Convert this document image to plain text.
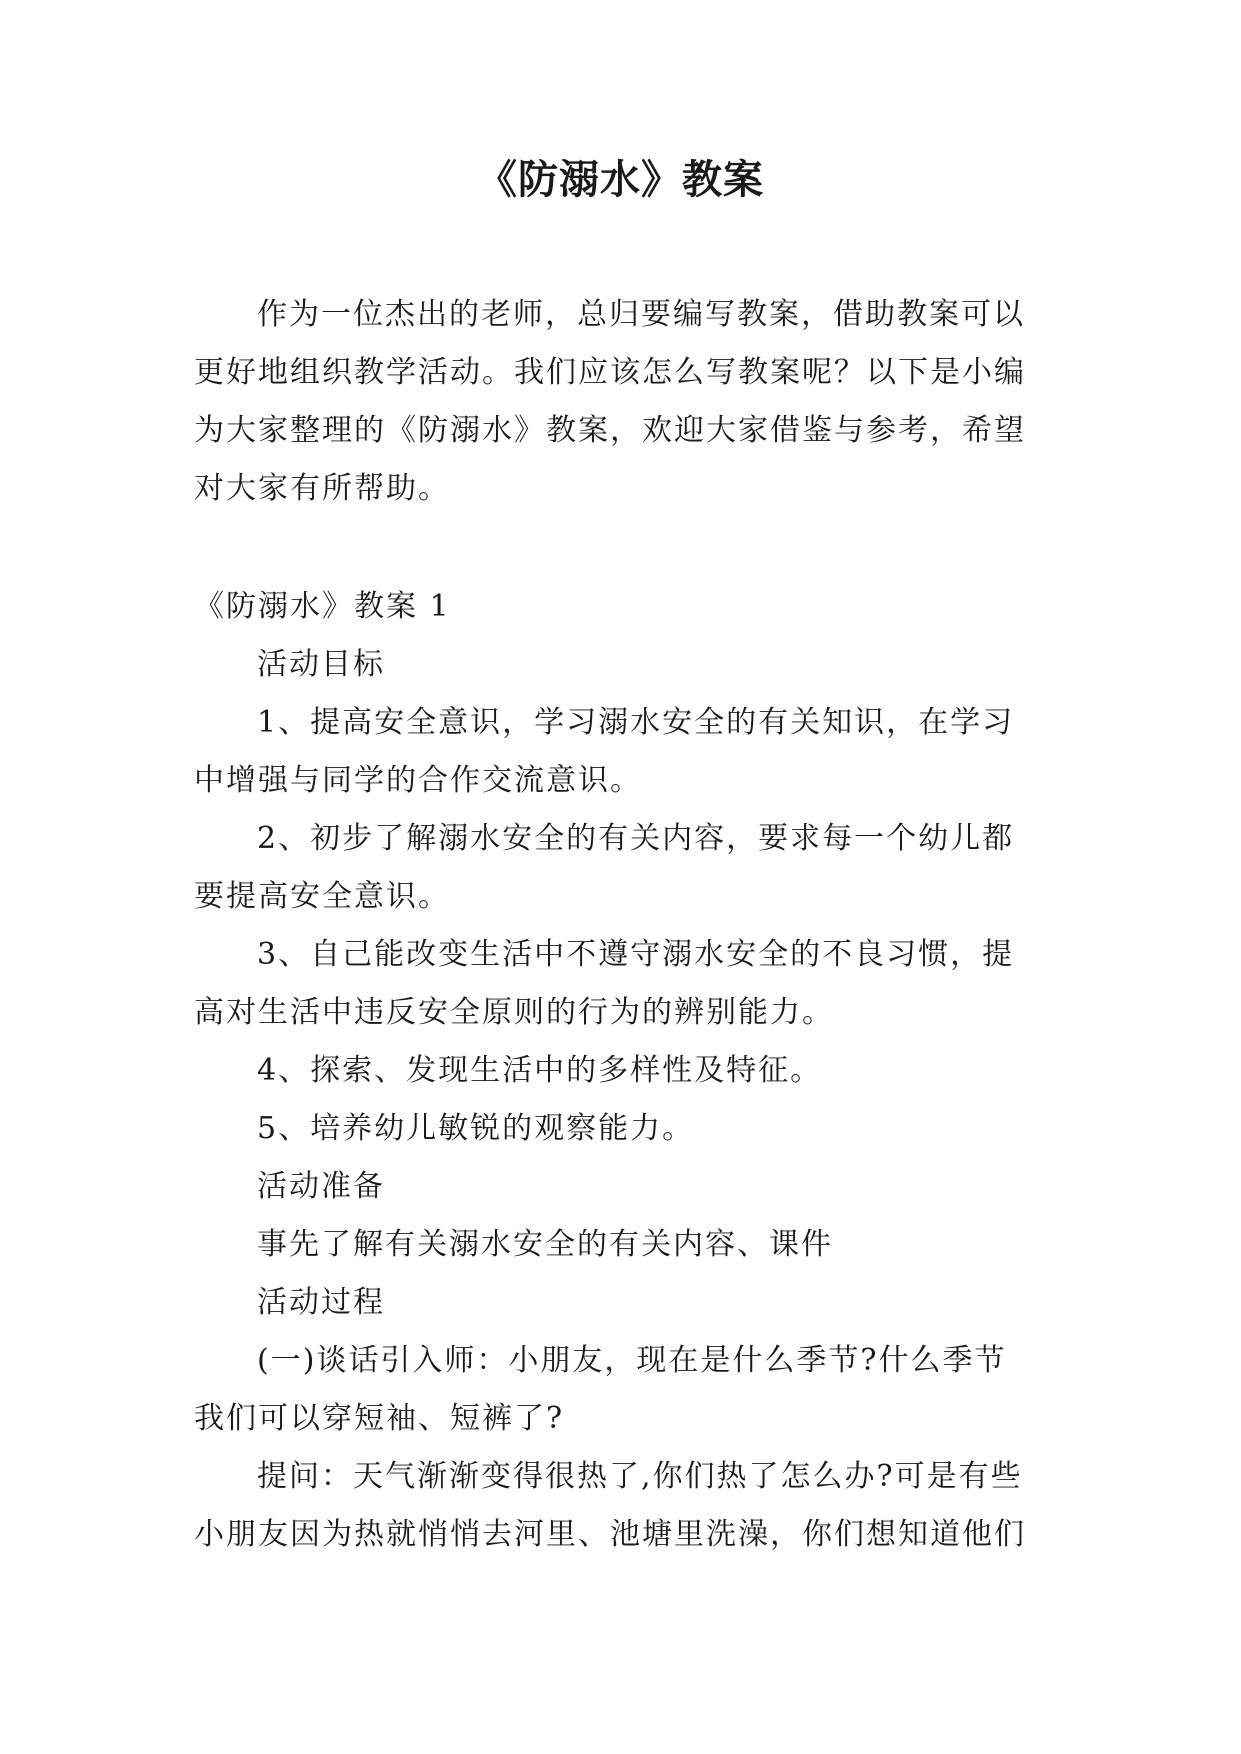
《防溺水》教案
作为一位杰出的老师，总归要编写教案，借助教案可以
更好地组织教学活动。我们应该怎么写教案呢？以下是小编
为大家整理的《防溺水》教案，欢迎大家借鉴与参考，希望
对大家有所帮助。

《防溺水》教案 1

活动目标

1、提高安全意识，学习溺水安全的有关知识，在学习

中增强与同学的合作交流意识。

2、初步了解溺水安全的有关内容，要求每一个幼儿都

要提高安全意识。

3、自己能改变生活中不遵守溺水安全的不良习惯，提

高对生活中违反安全原则的行为的辨别能力。

4、探索、发现生活中的多样性及特征。

5、培养幼儿敏锐的观察能力。

活动准备

事先了解有关溺水安全的有关内容、课件

活动过程

(一)谈话引入师：小朋友，现在是什么季节?什么季节

我们可以穿短袖、短裤了?

提问：天气渐渐变得很热了,你们热了怎么办?可是有些

小朋友因为热就悄悄去河里、池塘里洗澡，你们想知道他们
